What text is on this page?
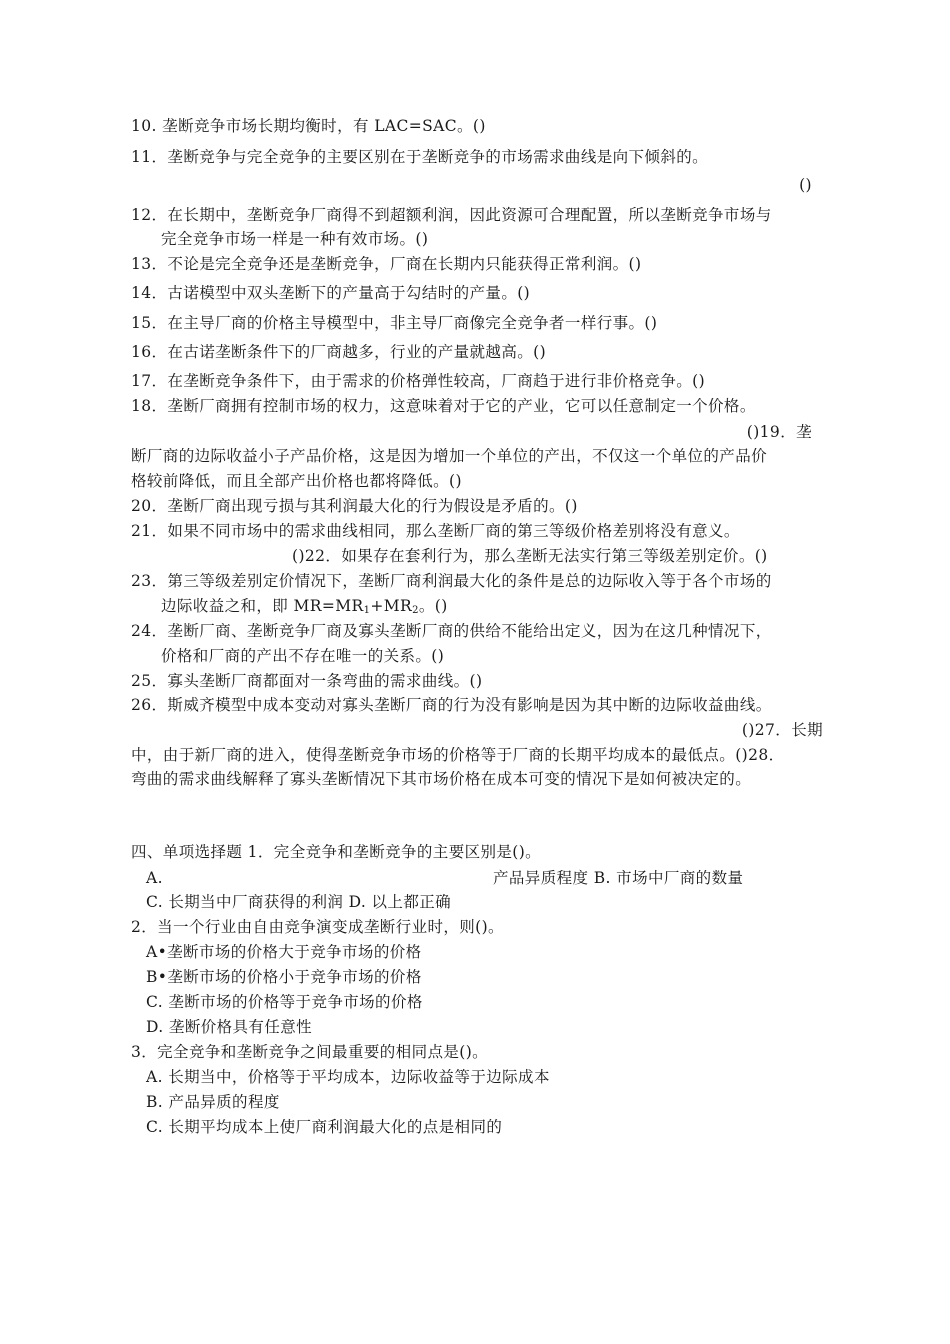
10. 垄断竞争市场长期均衡时，有 LAC=SAC。()
11．垄断竞争与完全竞争的主要区别在于垄断竞争的市场需求曲线是向下倾斜的。
()
12．在长期中，垄断竞争厂商得不到超额利润，因此资源可合理配置，所以垄断竞争市场与
完全竞争市场一样是一种有效市场。()
13．不论是完全竞争还是垄断竞争，厂商在长期内只能获得正常利润。()
14．古诺模型中双头垄断下的产量高于勾结时的产量。()
15．在主导厂商的价格主导模型中，非主导厂商像完全竞争者一样行事。()
16．在古诺垄断条件下的厂商越多，行业的产量就越高。()
17．在垄断竞争条件下，由于需求的价格弹性较高，厂商趋于进行非价格竞争。()
18．垄断厂商拥有控制市场的权力，这意味着对于它的产业，它可以任意制定一个价格。
()19．垄
断厂商的边际收益小子产品价格，这是因为增加一个单位的产出，不仅这一个单位的产品价
格较前降低，而且全部产出价格也都将降低。()
20．垄断厂商出现亏损与其利润最大化的行为假设是矛盾的。()
21．如果不同市场中的需求曲线相同，那么垄断厂商的第三等级价格差别将没有意义。
()22．如果存在套利行为，那么垄断无法实行第三等级差别定价。()
23．第三等级差别定价情况下，垄断厂商利润最大化的条件是总的边际收入等于各个市场的
边际收益之和，即 $MR=MR_1+MR_2$。()
24．垄断厂商、垄断竞争厂商及寡头垄断厂商的供给不能给出定义，因为在这几种情况下，
价格和厂商的产出不存在唯一的关系。()
25．寡头垄断厂商都面对一条弯曲的需求曲线。()
26．斯威齐模型中成本变动对寡头垄断厂商的行为没有影响是因为其中断的边际收益曲线。
()27．长期
中，由于新厂商的进入，使得垄断竞争市场的价格等于厂商的长期平均成本的最低点。()28．
弯曲的需求曲线解释了寡头垄断情况下其市场价格在成本可变的情况下是如何被决定的。
四、单项选择题 1．完全竞争和垄断竞争的主要区别是()。
A.	产品异质程度 B. 市场中厂商的数量
C. 长期当中厂商获得的利润 D. 以上都正确
2．当一个行业由自由竞争演变成垄断行业时，则()。
A•垄断市场的价格大于竞争市场的价格
B•垄断市场的价格小于竞争市场的价格
C. 垄断市场的价格等于竞争市场的价格
D. 垄断价格具有任意性
3．完全竞争和垄断竞争之间最重要的相同点是()。
A. 长期当中，价格等于平均成本，边际收益等于边际成本
B. 产品异质的程度
C. 长期平均成本上使厂商利润最大化的点是相同的
